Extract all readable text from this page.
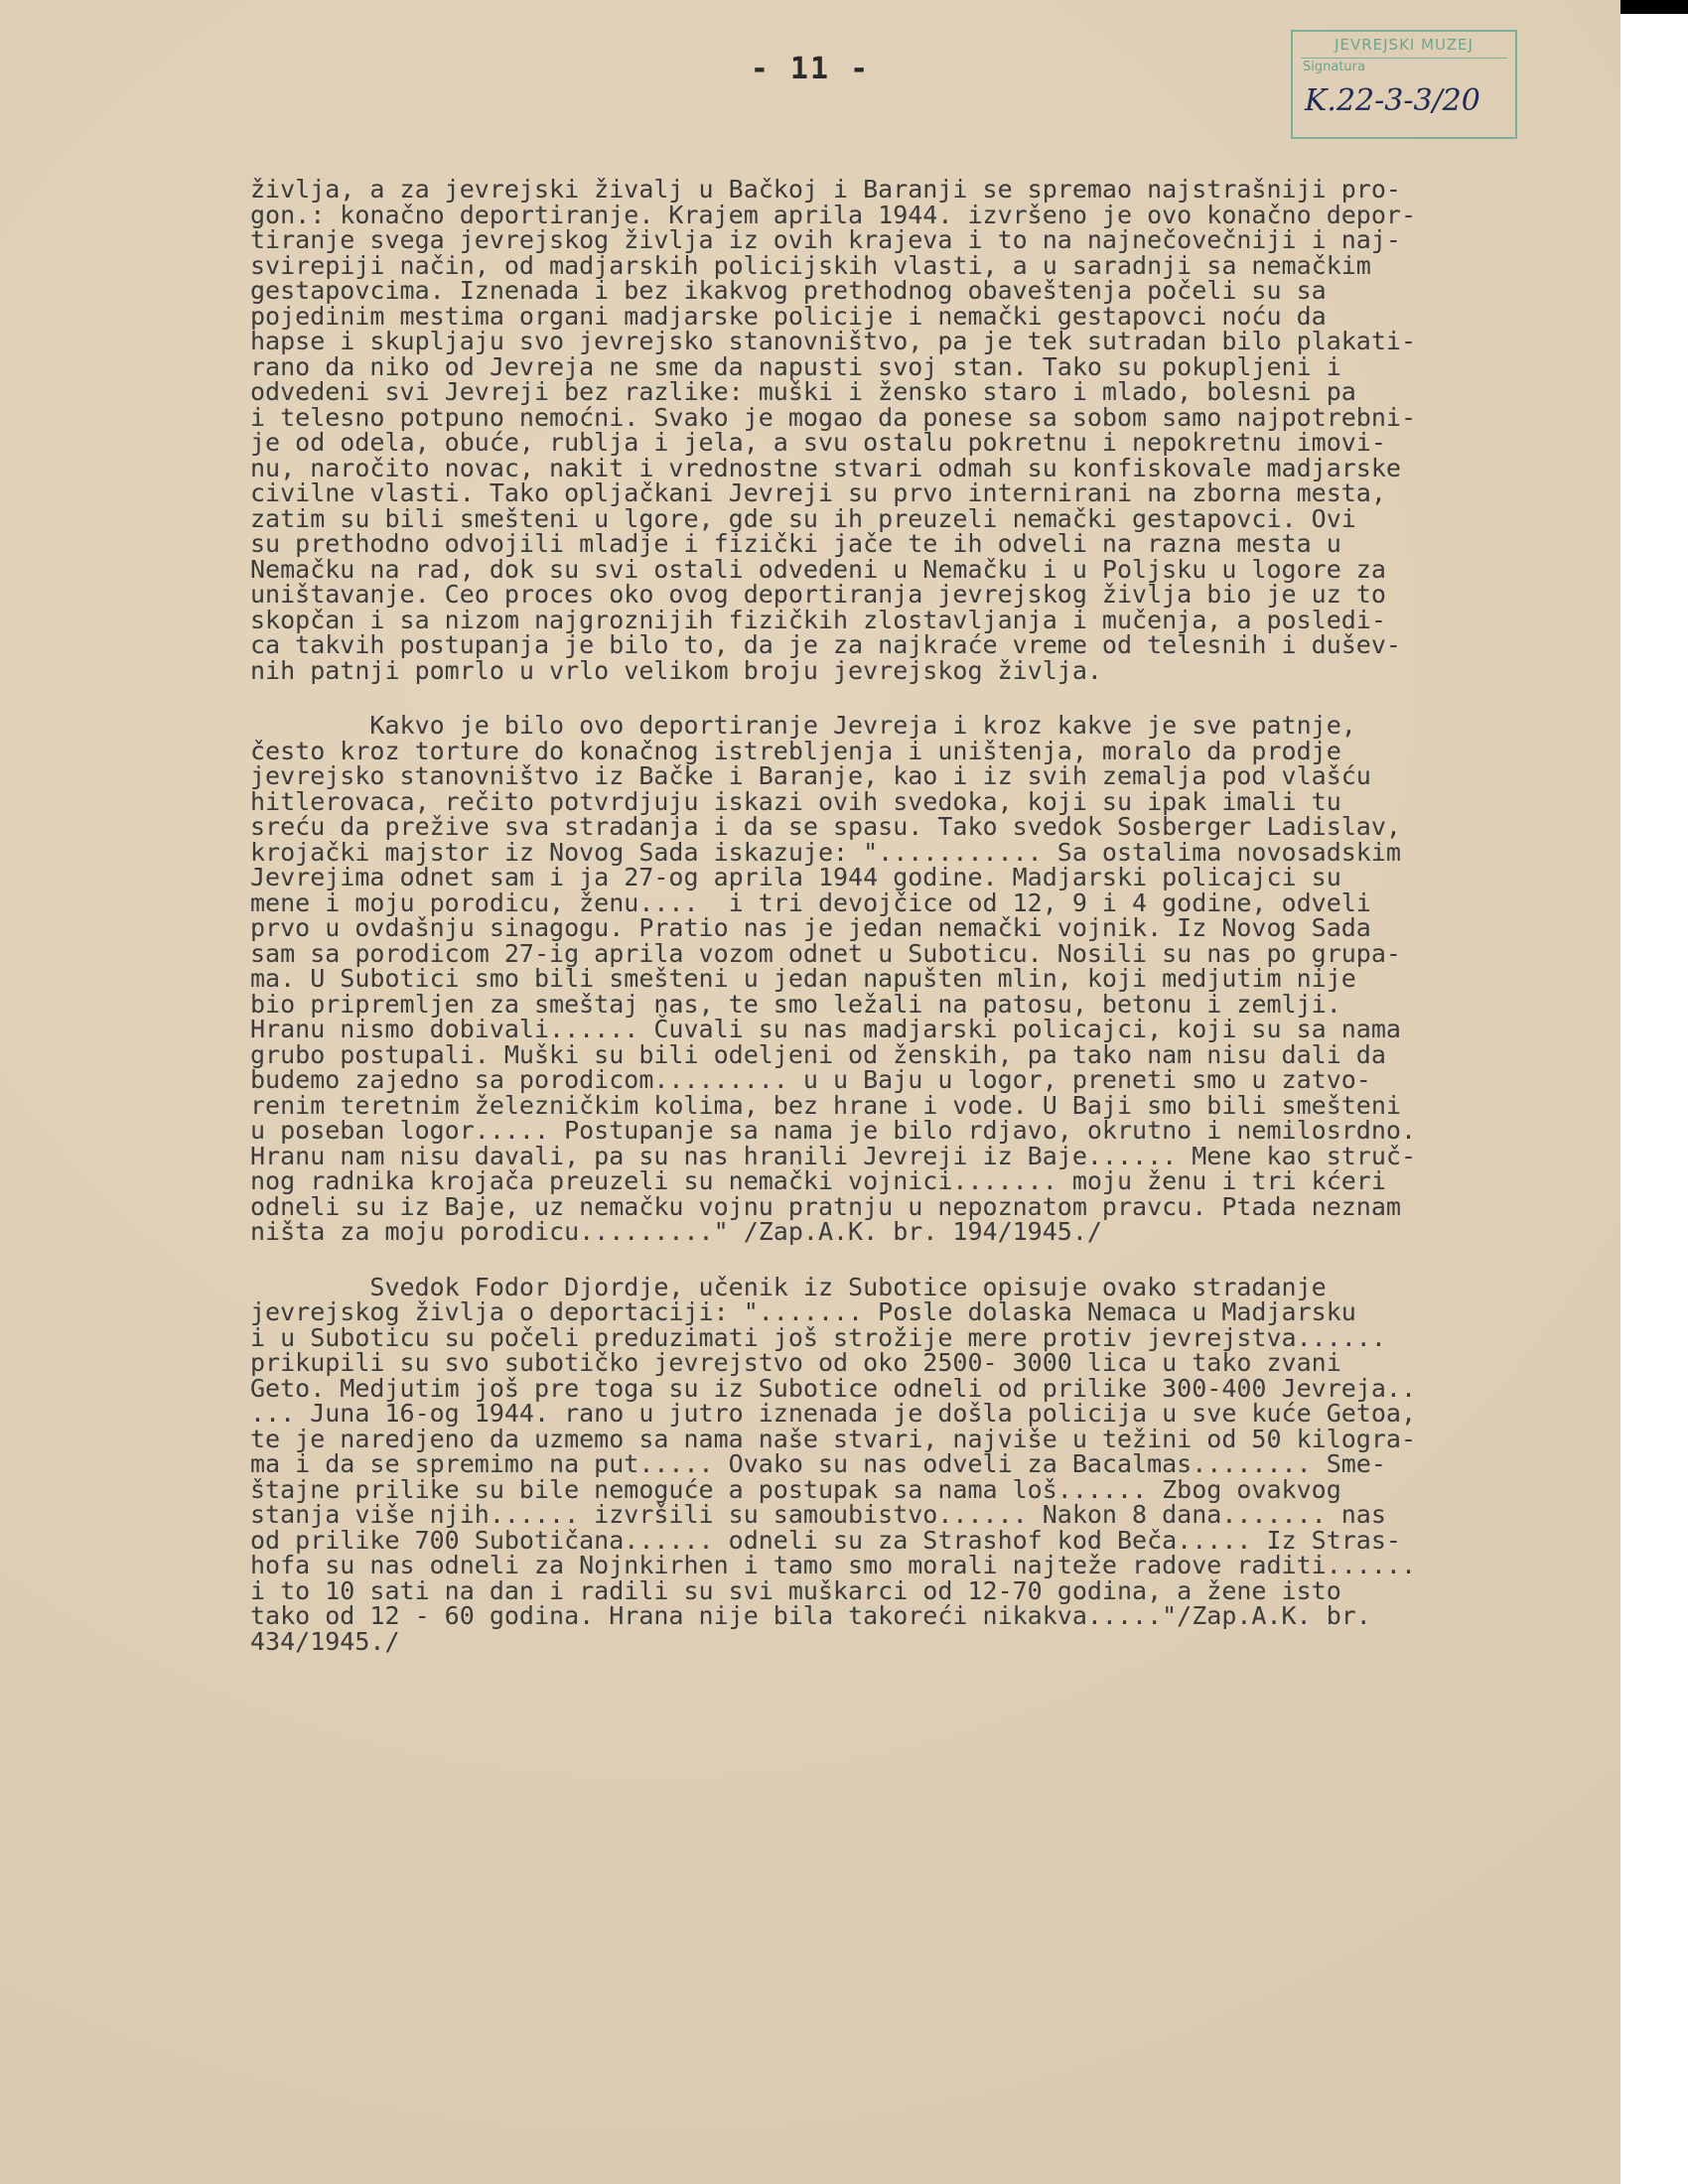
- 11 -
JEVREJSKI MUZEJ
Signatura
K.22-3-3/20
življa, a za jevrejski živalj u Bačkoj i Baranji se spremao najstrašniji pro-
gon.: konačno deportiranje. Krajem aprila 1944. izvršeno je ovo konačno depor-
tiranje svega jevrejskog življa iz ovih krajeva i to na najnečovečniji i naj-
svirepiji način, od madjarskih policijskih vlasti, a u saradnji sa nemačkim
gestapovcima. Iznenada i bez ikakvog prethodnog obaveštenja počeli su sa
pojedinim mestima organi madjarske policije i nemački gestapovci noću da
hapse i skupljaju svo jevrejsko stanovništvo, pa je tek sutradan bilo plakati-
rano da niko od Jevreja ne sme da napusti svoj stan. Tako su pokupljeni i
odvedeni svi Jevreji bez razlike: muški i žensko staro i mlado, bolesni pa
i telesno potpuno nemoćni. Svako je mogao da ponese sa sobom samo najpotrebni-
je od odela, obuće, rublja i jela, a svu ostalu pokretnu i nepokretnu imovi-
nu, naročito novac, nakit i vrednostne stvari odmah su konfiskovale madjarske
civilne vlasti. Tako opljačkani Jevreji su prvo internirani na zborna mesta,
zatim su bili smešteni u lgore, gde su ih preuzeli nemački gestapovci. Ovi
su prethodno odvojili mladje i fizički jače te ih odveli na razna mesta u
Nemačku na rad, dok su svi ostali odvedeni u Nemačku i u Poljsku u logore za
uništavanje. Ceo proces oko ovog deportiranja jevrejskog življa bio je uz to
skopčan i sa nizom najgroznijih fizičkih zlostavljanja i mučenja, a posledi-
ca takvih postupanja je bilo to, da je za najkraće vreme od telesnih i dušev-
nih patnji pomrlo u vrlo velikom broju jevrejskog življa.
Kakvo je bilo ovo deportiranje Jevreja i kroz kakve je sve patnje,
često kroz torture do konačnog istrebljenja i uništenja, moralo da prodje
jevrejsko stanovništvo iz Bačke i Baranje, kao i iz svih zemalja pod vlašću
hitlerovaca, rečito potvrdjuju iskazi ovih svedoka, koji su ipak imali tu
sreću da prežive sva stradanja i da se spasu. Tako svedok Sosberger Ladislav,
krojački majstor iz Novog Sada iskazuje: "........... Sa ostalima novosadskim
Jevrejima odnet sam i ja 27-og aprila 1944 godine. Madjarski policajci su
mene i moju porodicu, ženu....  i tri devojčice od 12, 9 i 4 godine, odveli
prvo u ovdašnju sinagogu. Pratio nas je jedan nemački vojnik. Iz Novog Sada
sam sa porodicom 27-ig aprila vozom odnet u Suboticu. Nosili su nas po grupa-
ma. U Subotici smo bili smešteni u jedan napušten mlin, koji medjutim nije
bio pripremljen za smeštaj nas, te smo ležali na patosu, betonu i zemlji.
Hranu nismo dobivali...... Čuvali su nas madjarski policajci, koji su sa nama
grubo postupali. Muški su bili odeljeni od ženskih, pa tako nam nisu dali da
budemo zajedno sa porodicom......... u u Baju u logor, preneti smo u zatvo-
renim teretnim železničkim kolima, bez hrane i vode. U Baji smo bili smešteni
u poseban logor..... Postupanje sa nama je bilo rdjavo, okrutno i nemilosrdno.
Hranu nam nisu davali, pa su nas hranili Jevreji iz Baje...... Mene kao struč-
nog radnika krojača preuzeli su nemački vojnici....... moju ženu i tri kćeri
odneli su iz Baje, uz nemačku vojnu pratnju u nepoznatom pravcu. Ptada neznam
ništa za moju porodicu........." /Zap.A.K. br. 194/1945./
Svedok Fodor Djordje, učenik iz Subotice opisuje ovako stradanje
jevrejskog življa o deportaciji: "....... Posle dolaska Nemaca u Madjarsku
i u Suboticu su počeli preduzimati još strožije mere protiv jevrejstva......
prikupili su svo subotičko jevrejstvo od oko 2500- 3000 lica u tako zvani
Geto. Medjutim još pre toga su iz Subotice odneli od prilike 300-400 Jevreja..
... Juna 16-og 1944. rano u jutro iznenada je došla policija u sve kuće Getoa,
te je naredjeno da uzmemo sa nama naše stvari, najviše u težini od 50 kilogra-
ma i da se spremimo na put..... Ovako su nas odveli za Bacalmas........ Sme-
štajne prilike su bile nemoguće a postupak sa nama loš...... Zbog ovakvog
stanja više njih...... izvršili su samoubistvo...... Nakon 8 dana....... nas
od prilike 700 Subotičana...... odneli su za Strashof kod Beča..... Iz Stras-
hofa su nas odneli za Nojnkirhen i tamo smo morali najteže radove raditi......
i to 10 sati na dan i radili su svi muškarci od 12-70 godina, a žene isto
tako od 12 - 60 godina. Hrana nije bila takoreći nikakva....."/Zap.A.K. br.
434/1945./
